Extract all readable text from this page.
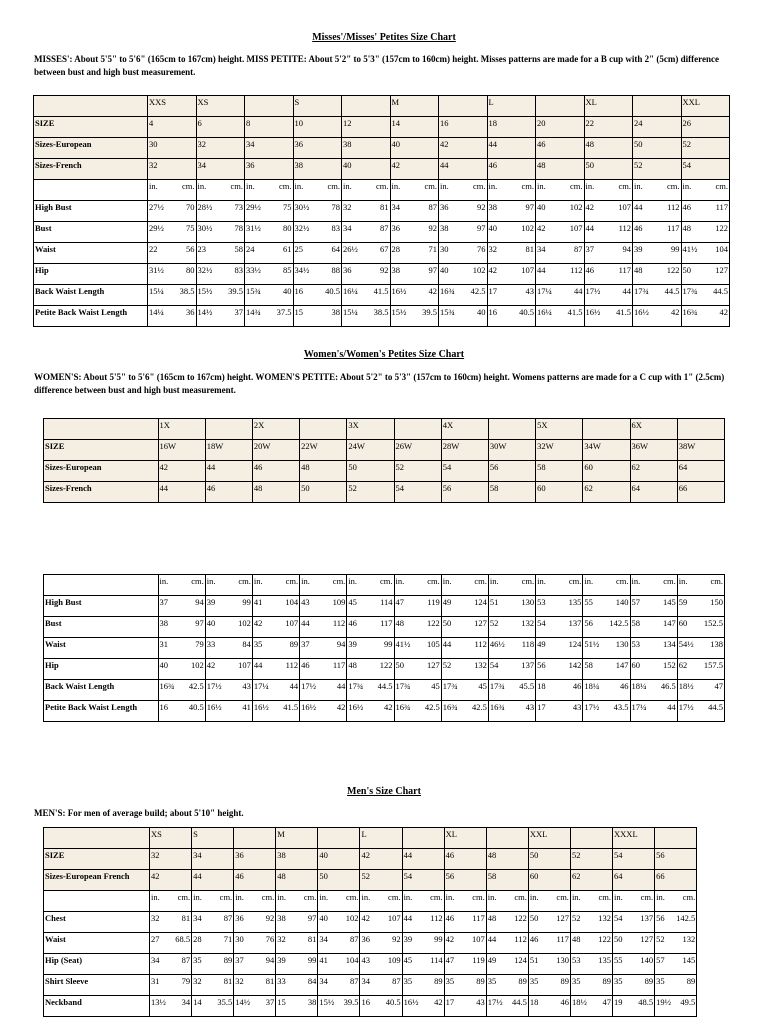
Misses'/Misses' Petites Size Chart
MISSES': About 5'5" to 5'6" (165cm to 167cm) height. MISS PETITE: About 5'2" to 5'3" (157cm to 160cm) height. Misses patterns are made for a B cup with 2" (5cm) difference between bust and high bust measurement.
	XXS	XS		S		M		L		XL		XXL
SIZE	4	6	8	10	12	14	16	18	20	22	24	26
Sizes-European	30	32	34	36	38	40	42	44	46	48	50	52
Sizes-French	32	34	36	38	40	42	44	46	48	50	52	54

	in. cm.	in. cm.	in. cm.	in. cm.	in. cm.	in. cm.	in. cm.	in. cm.	in. cm.	in. cm.	in. cm.	in. cm.

High Bust	27½ 70	28½ 73	29½ 75	30½ 78	32 81	34 87	36 92	38 97	40 102	42 107	44 112	46 117

Bust	29½ 75	30½ 78	31½ 80	32½ 83	34 87	36 92	38 97	40 102	42 107	44 112	46 117	48 122

Waist	22 56	23 58	24 61	25 64	26½ 67	28 71	30 76	32 81	34 87	37 94	39 99	41½ 104

Hip	31½ 80	32½ 83	33½ 85	34½ 88	36 92	38 97	40 102	42 107	44 112	46 117	48 122	50 127

Back Waist Length	15¼ 38.5	15½ 39.5	15¾ 40	16 40.5	16¼ 41.5	16½ 42	16¾ 42.5	17 43	17¼ 44	17½ 44	17¾ 44.5	17¾ 44.5

Petite Back Waist Length	14¼ 36	14½ 37	14¾ 37.5	15 38	15¼ 38.5	15½ 39.5	15¾ 40	16 40.5	16¼ 41.5	16½ 41.5	16½ 42	16¾ 42
Women's/Women's Petites Size Chart
WOMEN'S: About 5'5" to 5'6" (165cm to 167cm) height. WOMEN'S PETITE: About 5'2" to 5'3" (157cm to 160cm) height. Womens patterns are made for a C cup with 1" (2.5cm) difference between bust and high bust measurement.
	1X		2X		3X		4X		5X		6X	
SIZE	16W	18W	20W	22W	24W	26W	28W	30W	32W	34W	36W	38W
Sizes-European	42	44	46	48	50	52	54	56	58	60	62	64
Sizes-French	44	46	48	50	52	54	56	58	60	62	64	66

	in. cm.	in. cm.	in. cm.	in. cm.	in. cm.	in. cm.	in. cm.	in. cm.	in. cm.	in. cm.	in. cm.	in. cm.

High Bust	37 94	39 99	41 104	43 109	45 114	47 119	49 124	51 130	53 135	55 140	57 145	59 150

Bust	38 97	40 102	42 107	44 112	46 117	48 122	50 127	52 132	54 137	56 142.5	58 147	60 152.5

Waist	31 79	33 84	35 89	37 94	39 99	41½ 105	44 112	46½ 118	49 124	51½ 130	53 134	54½ 138

Hip	40 102	42 107	44 112	46 117	48 122	50 127	52 132	54 137	56 142	58 147	60 152	62 157.5

Back Waist Length	16¾ 42.5	17½ 43	17¼ 44	17½ 44	17¾ 44.5	17¾ 45	17¾ 45	17¾ 45.5	18 46	18¼ 46	18¼ 46.5	18½ 47

Petite Back Waist Length	16 40.5	16½ 41	16½ 41.5	16½ 42	16½ 42	16¾ 42.5	16¾ 42.5	16¾ 43	17 43	17½ 43.5	17¼ 44	17½ 44.5
Men's Size Chart
MEN'S: For men of average build; about 5'10" height.
	XS	S		M		L		XL		XXL		XXXL	
SIZE	32	34	36	38	40	42	44	46	48	50	52	54	56
Sizes-European French	42	44	46	48	50	52	54	56	58	60	62	64	66

	in. cm.	in. cm.	in. cm.	in. cm.	in. cm.	in. cm.	in. cm.	in. cm.	in. cm.	in. cm.	in. cm.	in. cm.	in. cm.

Chest	32 81	34 87	36 92	38 97	40 102	42 107	44 112	46 117	48 122	50 127	52 132	54 137	56 142.5

Waist	27 68.5	28 71	30 76	32 81	34 87	36 92	39 99	42 107	44 112	46 117	48 122	50 127	52 132

Hip (Seat)	34 87	35 89	37 94	39 99	41 104	43 109	45 114	47 119	49 124	51 130	53 135	55 140	57 145

Shirt Sleeve	31 79	32 81	32 81	33 84	34 87	34 87	35 89	35 89	35 89	35 89	35 89	35 89	35 89

Neckband	13½ 34	14 35.5	14½ 37	15 38	15½ 39.5	16 40.5	16½ 42	17 43	17½ 44.5	18 46	18½ 47	19 48.5	19½ 49.5
